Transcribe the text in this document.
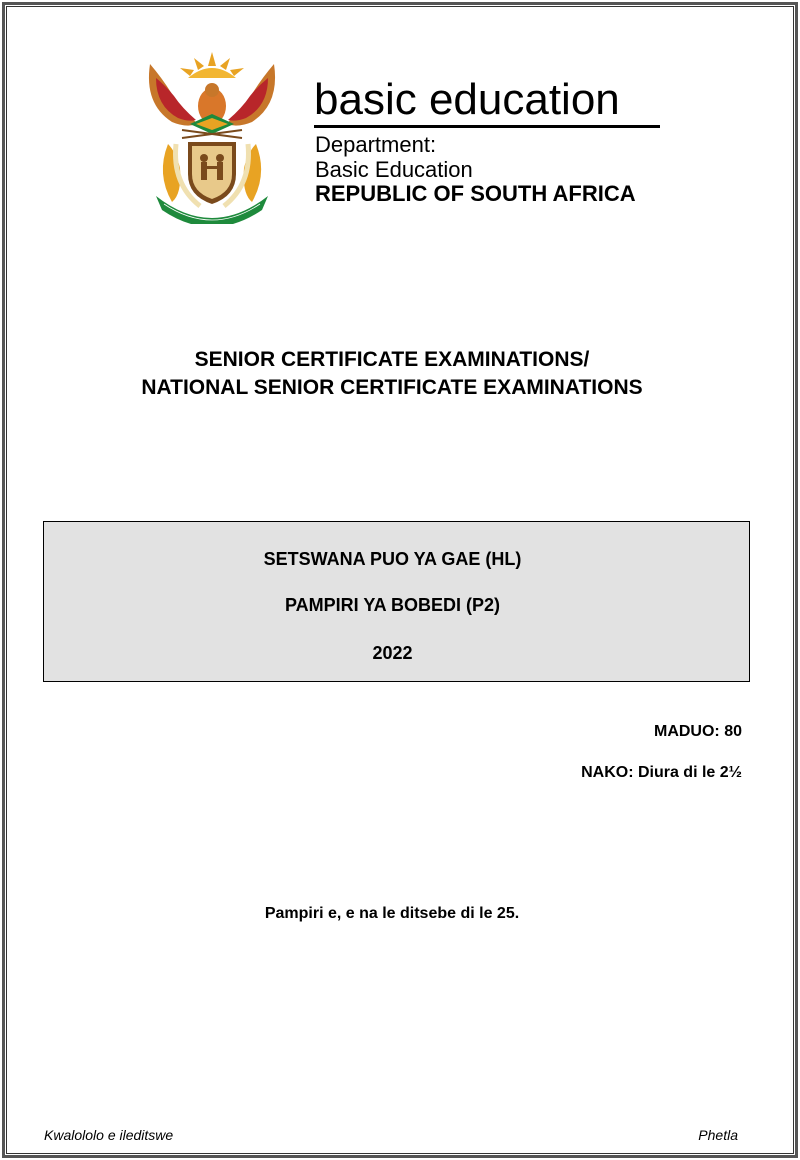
basic education
Department:
Basic Education
REPUBLIC OF SOUTH AFRICA
SENIOR CERTIFICATE EXAMINATIONS/
NATIONAL SENIOR CERTIFICATE EXAMINATIONS
SETSWANA PUO YA GAE (HL)
PAMPIRI YA BOBEDI (P2)
2022
MADUO: 80
NAKO: Diura di le 2½
Pampiri e, e na le ditsebe di le 25.
Kwalololo e ileditswe	Phetla
